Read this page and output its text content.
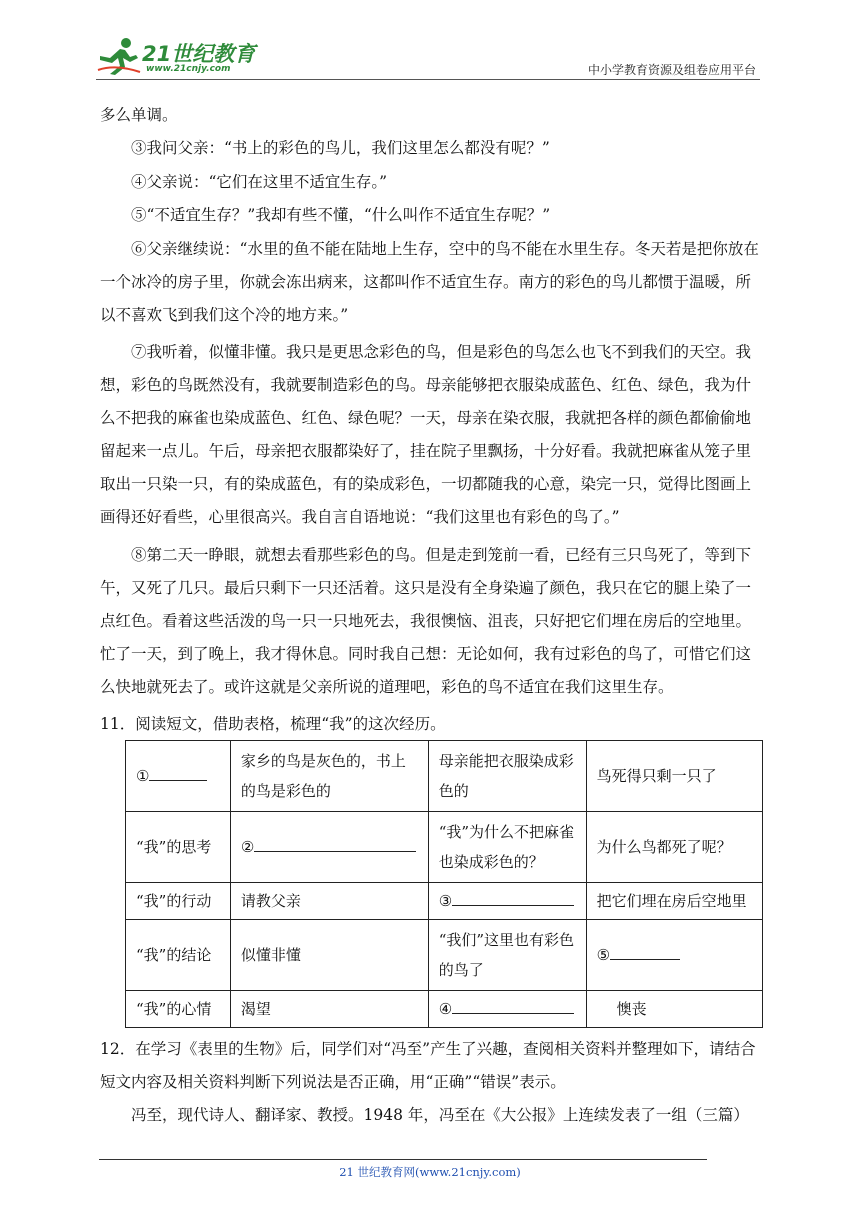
21世纪教育
www.21cnjy.com	中小学教育资源及组卷应用平台

多么单调。

③我问父亲：“书上的彩色的鸟儿，我们这里怎么都没有呢？”

④父亲说：“它们在这里不适宜生存。”

⑤“不适宜生存？”我却有些不懂，“什么叫作不适宜生存呢？”

⑥父亲继续说：“水里的鱼不能在陆地上生存，空中的鸟不能在水里生存。冬天若是把你放在一个冰冷的房子里，你就会冻出病来，这都叫作不适宜生存。南方的彩色的鸟儿都惯于温暖，所以不喜欢飞到我们这个冷的地方来。”

⑦我听着，似懂非懂。我只是更思念彩色的鸟，但是彩色的鸟怎么也飞不到我们的天空。我想，彩色的鸟既然没有，我就要制造彩色的鸟。母亲能够把衣服染成蓝色、红色、绿色，我为什么不把我的麻雀也染成蓝色、红色、绿色呢？一天，母亲在染衣服，我就把各样的颜色都偷偷地留起来一点儿。午后，母亲把衣服都染好了，挂在院子里飘扬，十分好看。我就把麻雀从笼子里取出一只染一只，有的染成蓝色，有的染成彩色，一切都随我的心意，染完一只，觉得比图画上画得还好看些，心里很高兴。我自言自语地说：“我们这里也有彩色的鸟了。”

⑧第二天一睁眼，就想去看那些彩色的鸟。但是走到笼前一看，已经有三只鸟死了，等到下午，又死了几只。最后只剩下一只还活着。这只是没有全身染遍了颜色，我只在它的腿上染了一点红色。看着这些活泼的鸟一只一只地死去，我很懊恼、沮丧，只好把它们埋在房后的空地里。忙了一天，到了晚上，我才得休息。同时我自己想：无论如何，我有过彩色的鸟了，可惜它们这么快地就死去了。或许这就是父亲所说的道理吧，彩色的鸟不适宜在我们这里生存。

11．阅读短文，借助表格，梳理“我”的这次经历。

①	家乡的鸟是灰色的，书上的鸟是彩色的	母亲能把衣服染成彩色的	鸟死得只剩一只了
“我”的思考	②	“我”为什么不把麻雀也染成彩色的？	为什么鸟都死了呢？
“我”的行动	请教父亲	③	把它们埋在房后空地里
“我”的结论	似懂非懂	“我们”这里也有彩色的鸟了	⑤
“我”的心情	渴望	④	懊丧

12．在学习《表里的生物》后，同学们对“冯至”产生了兴趣，查阅相关资料并整理如下，请结合短文内容及相关资料判断下列说法是否正确，用“正确”“错误”表示。

冯至，现代诗人、翻译家、教授。1948 年，冯至在《大公报》上连续发表了一组（三篇）

21 世纪教育网(www.21cnjy.com)
